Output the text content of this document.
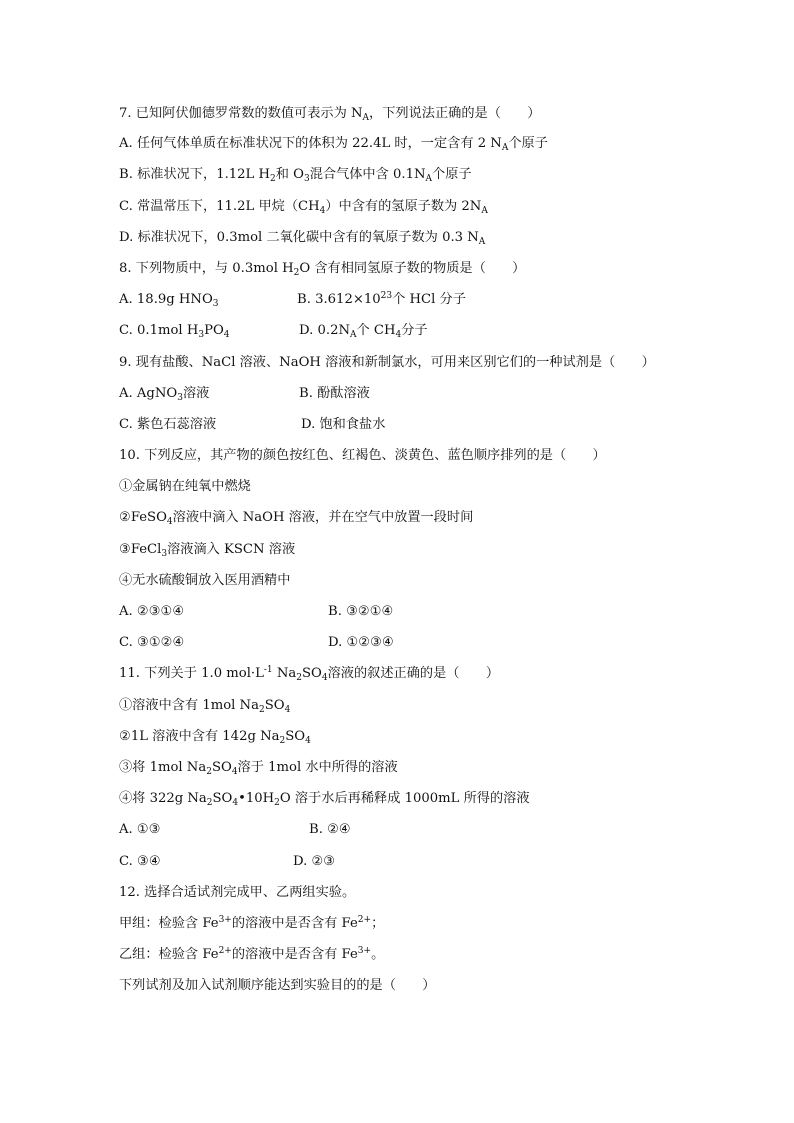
7. 已知阿伏伽德罗常数的数值可表示为 $N_A$，下列说法正确的是（　　）
A. 任何气体单质在标准状况下的体积为 22.4L 时，一定含有 2 $N_A$个原子
B. 标准状况下，1.12L $H_2$和 $O_3$混合气体中含 $0.1N_A$个原子
C. 常温常压下，11.2L 甲烷$(CH_4)$中含有的氢原子数为 $2N_A$
D. 标准状况下，0.3mol 二氧化碳中含有的氧原子数为 0.3 $N_A$
8. 下列物质中，与 0.3mol $H_2O$ 含有相同氢原子数的物质是（　　）
A. 18.9g $HNO_3$	B. $3.612\times 10^{23}$个 HCl 分子
C. 0.1mol $H_3PO_4$	D. $0.2N_A$个 $CH_4$分子
9. 现有盐酸、NaCl 溶液、NaOH 溶液和新制氯水，可用来区别它们的一种试剂是（　　）
A. AgNO$_3$溶液	B. 酚酞溶液
C. 紫色石蕊溶液	D. 饱和食盐水
10. 下列反应，其产物的颜色按红色、红褐色、淡黄色、蓝色顺序排列的是（　　）
①金属钠在纯氧中燃烧
②FeSO$_4$溶液中滴入 NaOH 溶液，并在空气中放置一段时间
③FeCl$_3$溶液滴入 KSCN 溶液
④无水硫酸铜放入医用酒精中
A. ②③①④	B. ③②①④
C. ③①②④	D. ①②③④
11. 下列关于 1.0 $mol\cdot L^{-1}$ $Na_2SO_4$溶液的叙述正确的是（　　）
①溶液中含有 1mol $Na_2SO_4$
②1L 溶液中含有 142g $Na_2SO_4$
③将 1mol $Na_2SO_4$溶于 1mol 水中所得的溶液
④将 322g $Na_2SO_4•10H_2O$ 溶于水后再稀释成 1000mL 所得的溶液
A. ①③	B. ②④
C. ③④	D. ②③
12. 选择合适试剂完成甲、乙两组实验。
甲组：检验含 $Fe^{3+}$的溶液中是否含有 $Fe^{2+}$；
乙组：检验含 $Fe^{2+}$的溶液中是否含有 $Fe^{3+}$。
下列试剂及加入试剂顺序能达到实验目的的是（　　）
